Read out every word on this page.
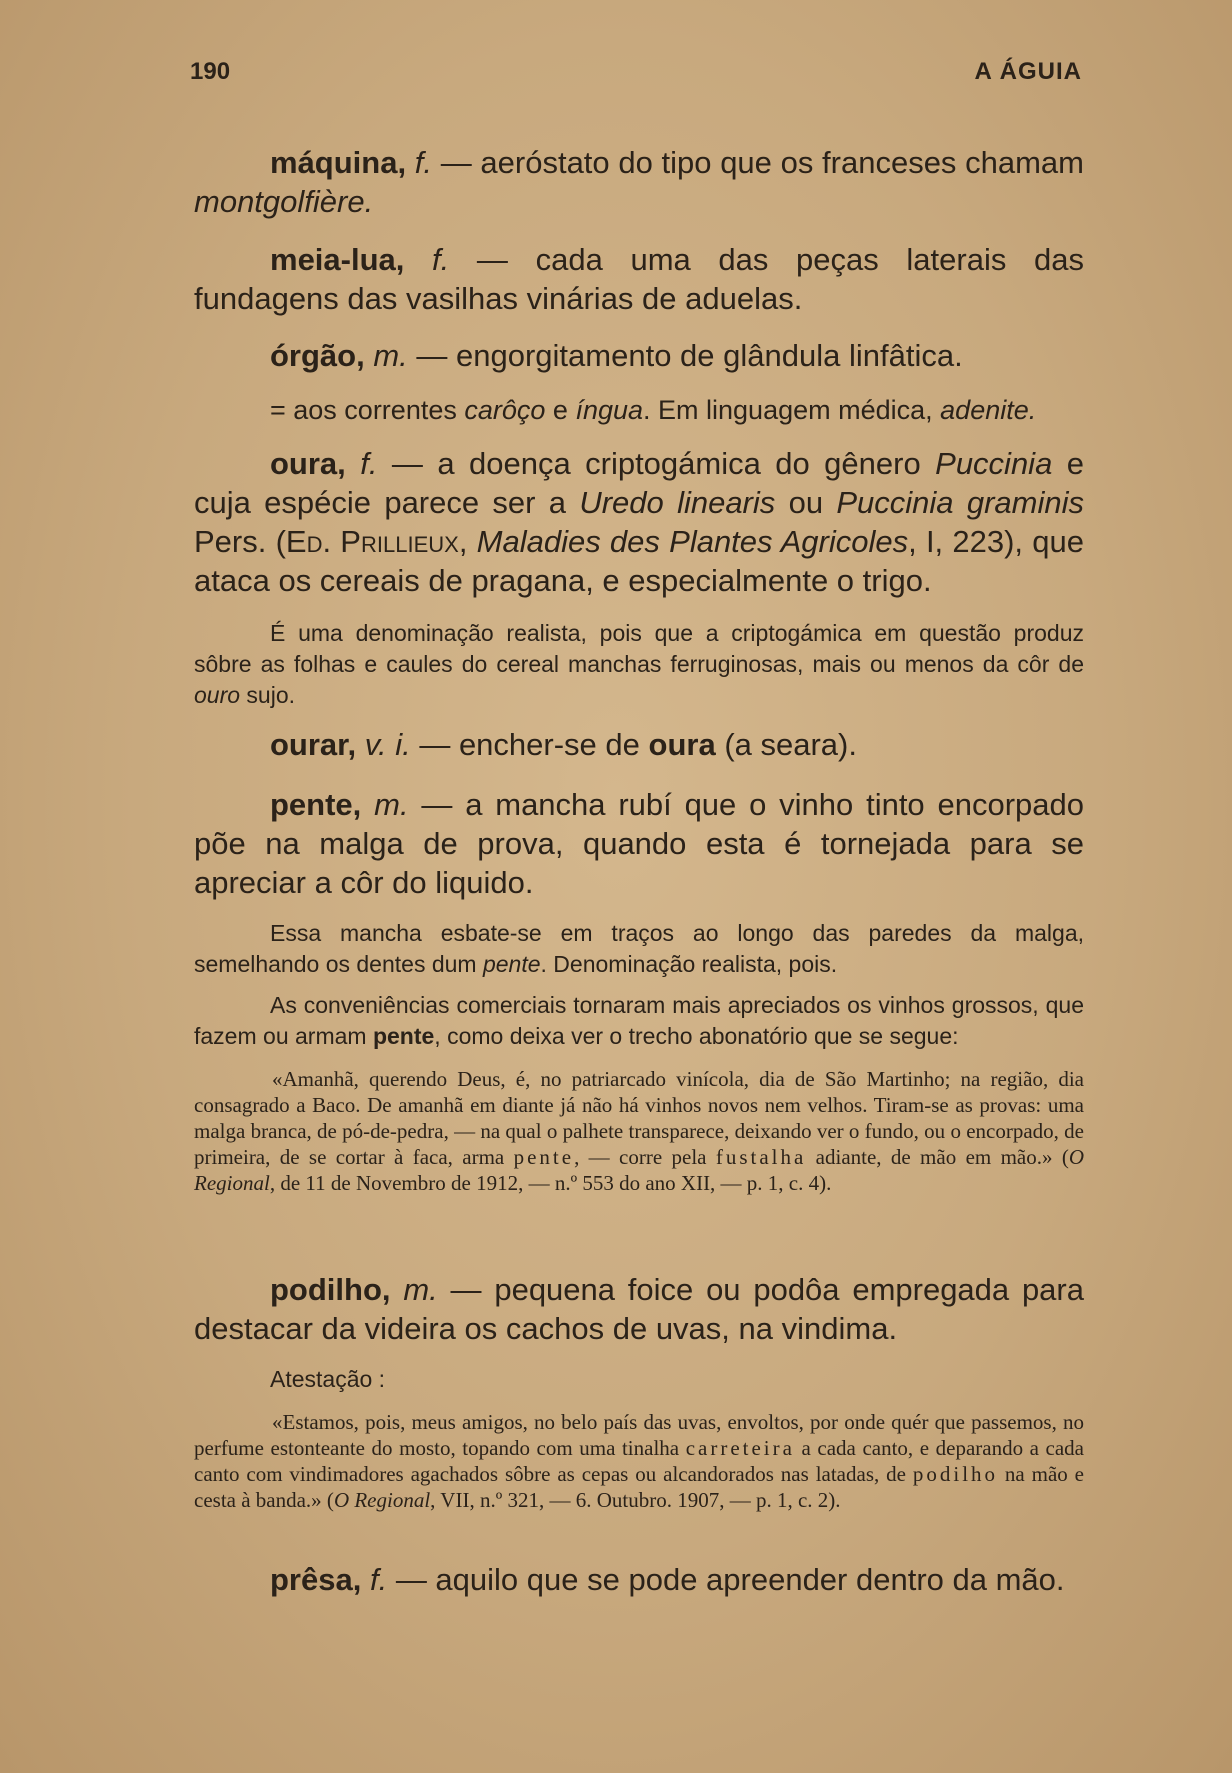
190	A ÁGUIA

máquina, f. — aeróstato do tipo que os franceses chamam montgolfière.

meia-lua, f. — cada uma das peças laterais das fundagens das vasilhas vinárias de aduelas.

órgão, m. — engorgitamento de glândula linfâtica.

= aos correntes carôço e íngua. Em linguagem médica, adenite.

oura, f. — a doença criptogámica do gênero Puccinia e cuja espécie parece ser a Uredo linearis ou Puccinia graminis Pers. (Ed. Prillieux, Maladies des Plantes Agricoles, I, 223), que ataca os cereais de pragana, e especialmente o trigo.

É uma denominação realista, pois que a criptogámica em questão produz sôbre as folhas e caules do cereal manchas ferruginosas, mais ou menos da côr de ouro sujo.

ourar, v. i. — encher-se de oura (a seara).

pente, m. — a mancha rubí que o vinho tinto encorpado põe na malga de prova, quando esta é tornejada para se apreciar a côr do liquido.

Essa mancha esbate-se em traços ao longo das paredes da malga, semelhando os dentes dum pente. Denominação realista, pois.

As conveniências comerciais tornaram mais apreciados os vinhos grossos, que fazem ou armam pente, como deixa ver o trecho abonatório que se segue:

«Amanhã, querendo Deus, é, no patriarcado vinícola, dia de São Martinho; na região, dia consagrado a Baco. De amanhã em diante já não há vinhos novos nem velhos. Tiram-se as provas: uma malga branca, de pó-de-pedra, — na qual o palhete transparece, deixando ver o fundo, ou o encorpado, de primeira, de se cortar à faca, arma pente, — corre pela fustalha adiante, de mão em mão.» (O Regional, de 11 de Novembro de 1912, — n.º 553 do ano XII, — p. 1, c. 4).

podilho, m. — pequena foice ou podôa empregada para destacar da videira os cachos de uvas, na vindima.

Atestação :

«Estamos, pois, meus amigos, no belo país das uvas, envoltos, por onde quér que passemos, no perfume estonteante do mosto, topando com uma tinalha carreteira a cada canto, e deparando a cada canto com vindimadores agachados sôbre as cepas ou alcandorados nas latadas, de podilho na mão e cesta à banda.» (O Regional, VII, n.º 321, — 6. Outubro. 1907, — p. 1, c. 2).

prêsa, f. — aquilo que se pode apreender dentro da mão.
